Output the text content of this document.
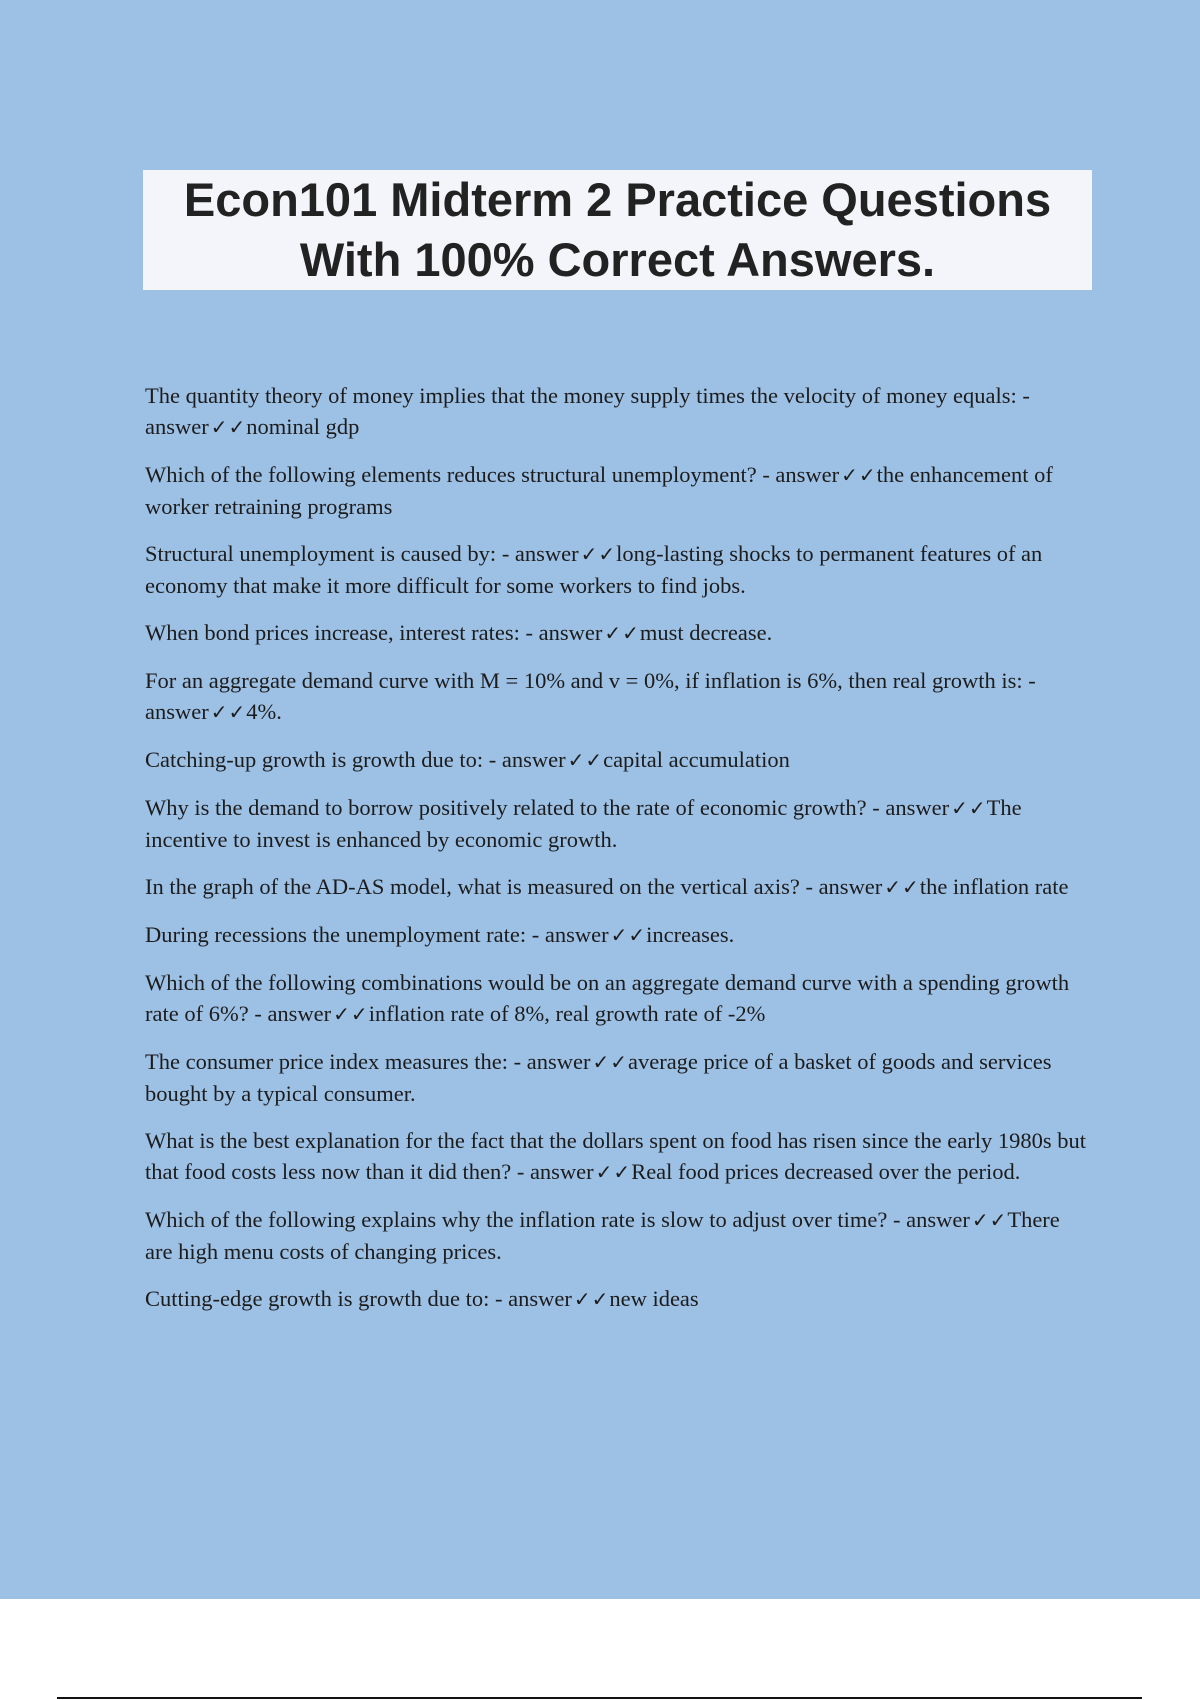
Econ101 Midterm 2 Practice Questions
With 100% Correct Answers.
The quantity theory of money implies that the money supply times the velocity of money equals: - answer ✓✓nominal gdp
Which of the following elements reduces structural unemployment? - answer ✓✓the enhancement of worker retraining programs
Structural unemployment is caused by: - answer ✓✓long-lasting shocks to permanent features of an economy that make it more difficult for some workers to find jobs.
When bond prices increase, interest rates: - answer ✓✓must decrease.
For an aggregate demand curve with M = 10% and v = 0%, if inflation is 6%, then real growth is: - answer ✓✓4%.
Catching-up growth is growth due to: - answer ✓✓capital accumulation
Why is the demand to borrow positively related to the rate of economic growth? - answer ✓✓The incentive to invest is enhanced by economic growth.
In the graph of the AD-AS model, what is measured on the vertical axis? - answer ✓✓the inflation rate
During recessions the unemployment rate: - answer ✓✓increases.
Which of the following combinations would be on an aggregate demand curve with a spending growth rate of 6%? - answer ✓✓inflation rate of 8%, real growth rate of -2%
The consumer price index measures the: - answer ✓✓average price of a basket of goods and services bought by a typical consumer.
What is the best explanation for the fact that the dollars spent on food has risen since the early 1980s but that food costs less now than it did then? - answer ✓✓Real food prices decreased over the period.
Which of the following explains why the inflation rate is slow to adjust over time? - answer ✓✓There are high menu costs of changing prices.
Cutting-edge growth is growth due to: - answer ✓✓new ideas
